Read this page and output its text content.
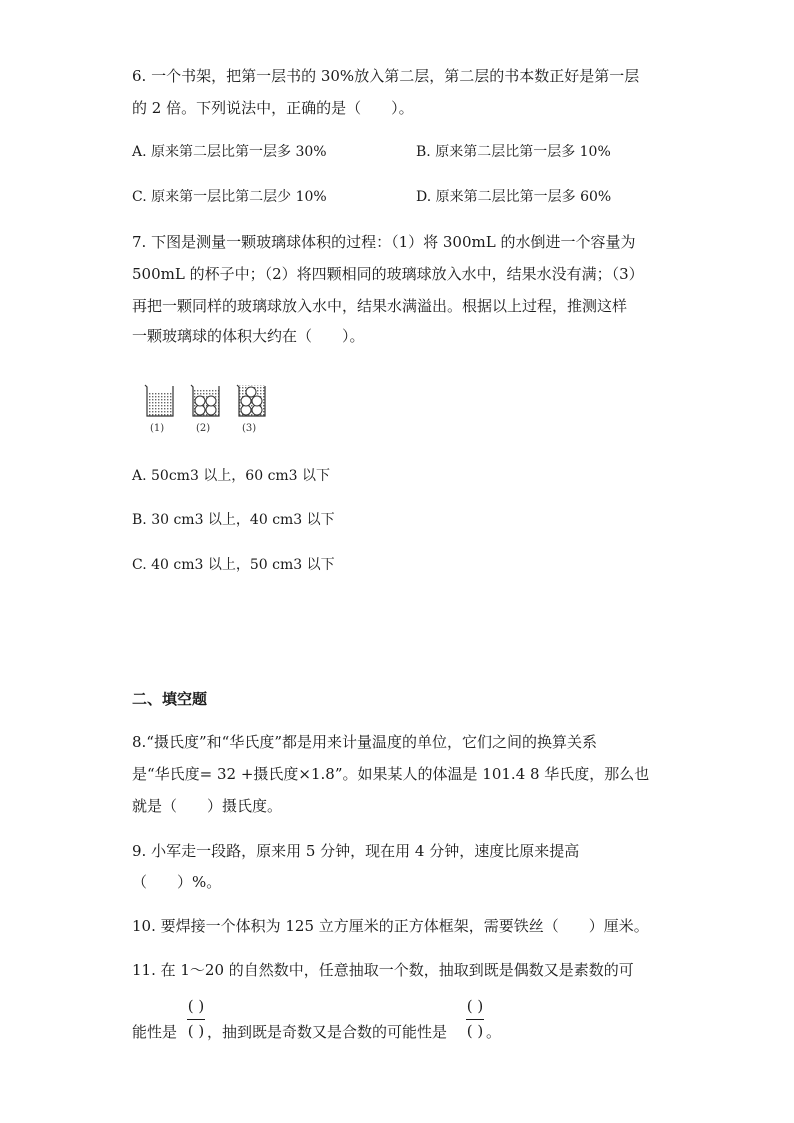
6. 一个书架，把第一层书的 30%放入第二层，第二层的书本数正好是第一层
的 2 倍。下列说法中，正确的是（　　）。
A. 原来第二层比第一层多 30%	B. 原来第二层比第一层多 10%
C. 原来第一层比第二层少 10%	D. 原来第二层比第一层多 60%
7. 下图是测量一颗玻璃球体积的过程：（1）将 300mL 的水倒进一个容量为
500mL 的杯子中；（2）将四颗相同的玻璃球放入水中，结果水没有满；（3）
再把一颗同样的玻璃球放入水中，结果水满溢出。根据以上过程，推测这样
一颗玻璃球的体积大约在（　　）。
(1)	(2)	(3)
A. 50cm3 以上，60 cm3 以下
B. 30 cm3 以上，40 cm3 以下
C. 40 cm3 以上，50 cm3 以下
二、填空题
8.“摄氏度”和“华氏度”都是用来计量温度的单位，它们之间的换算关系
是“华氏度= 32 +摄氏度×1.8”。如果某人的体温是 101.4 8 华氏度，那么也
就是（　　）摄氏度。
9. 小军走一段路，原来用 5 分钟，现在用 4 分钟，速度比原来提高
（　　）%。
10. 要焊接一个体积为 125 立方厘米的正方体框架，需要铁丝（　　）厘米。
11. 在 1～20 的自然数中，任意抽取一个数，抽取到既是偶数又是素数的可
能性是
( )
( ) ，抽到既是奇数又是合数的可能性是
( )
( ) 。
